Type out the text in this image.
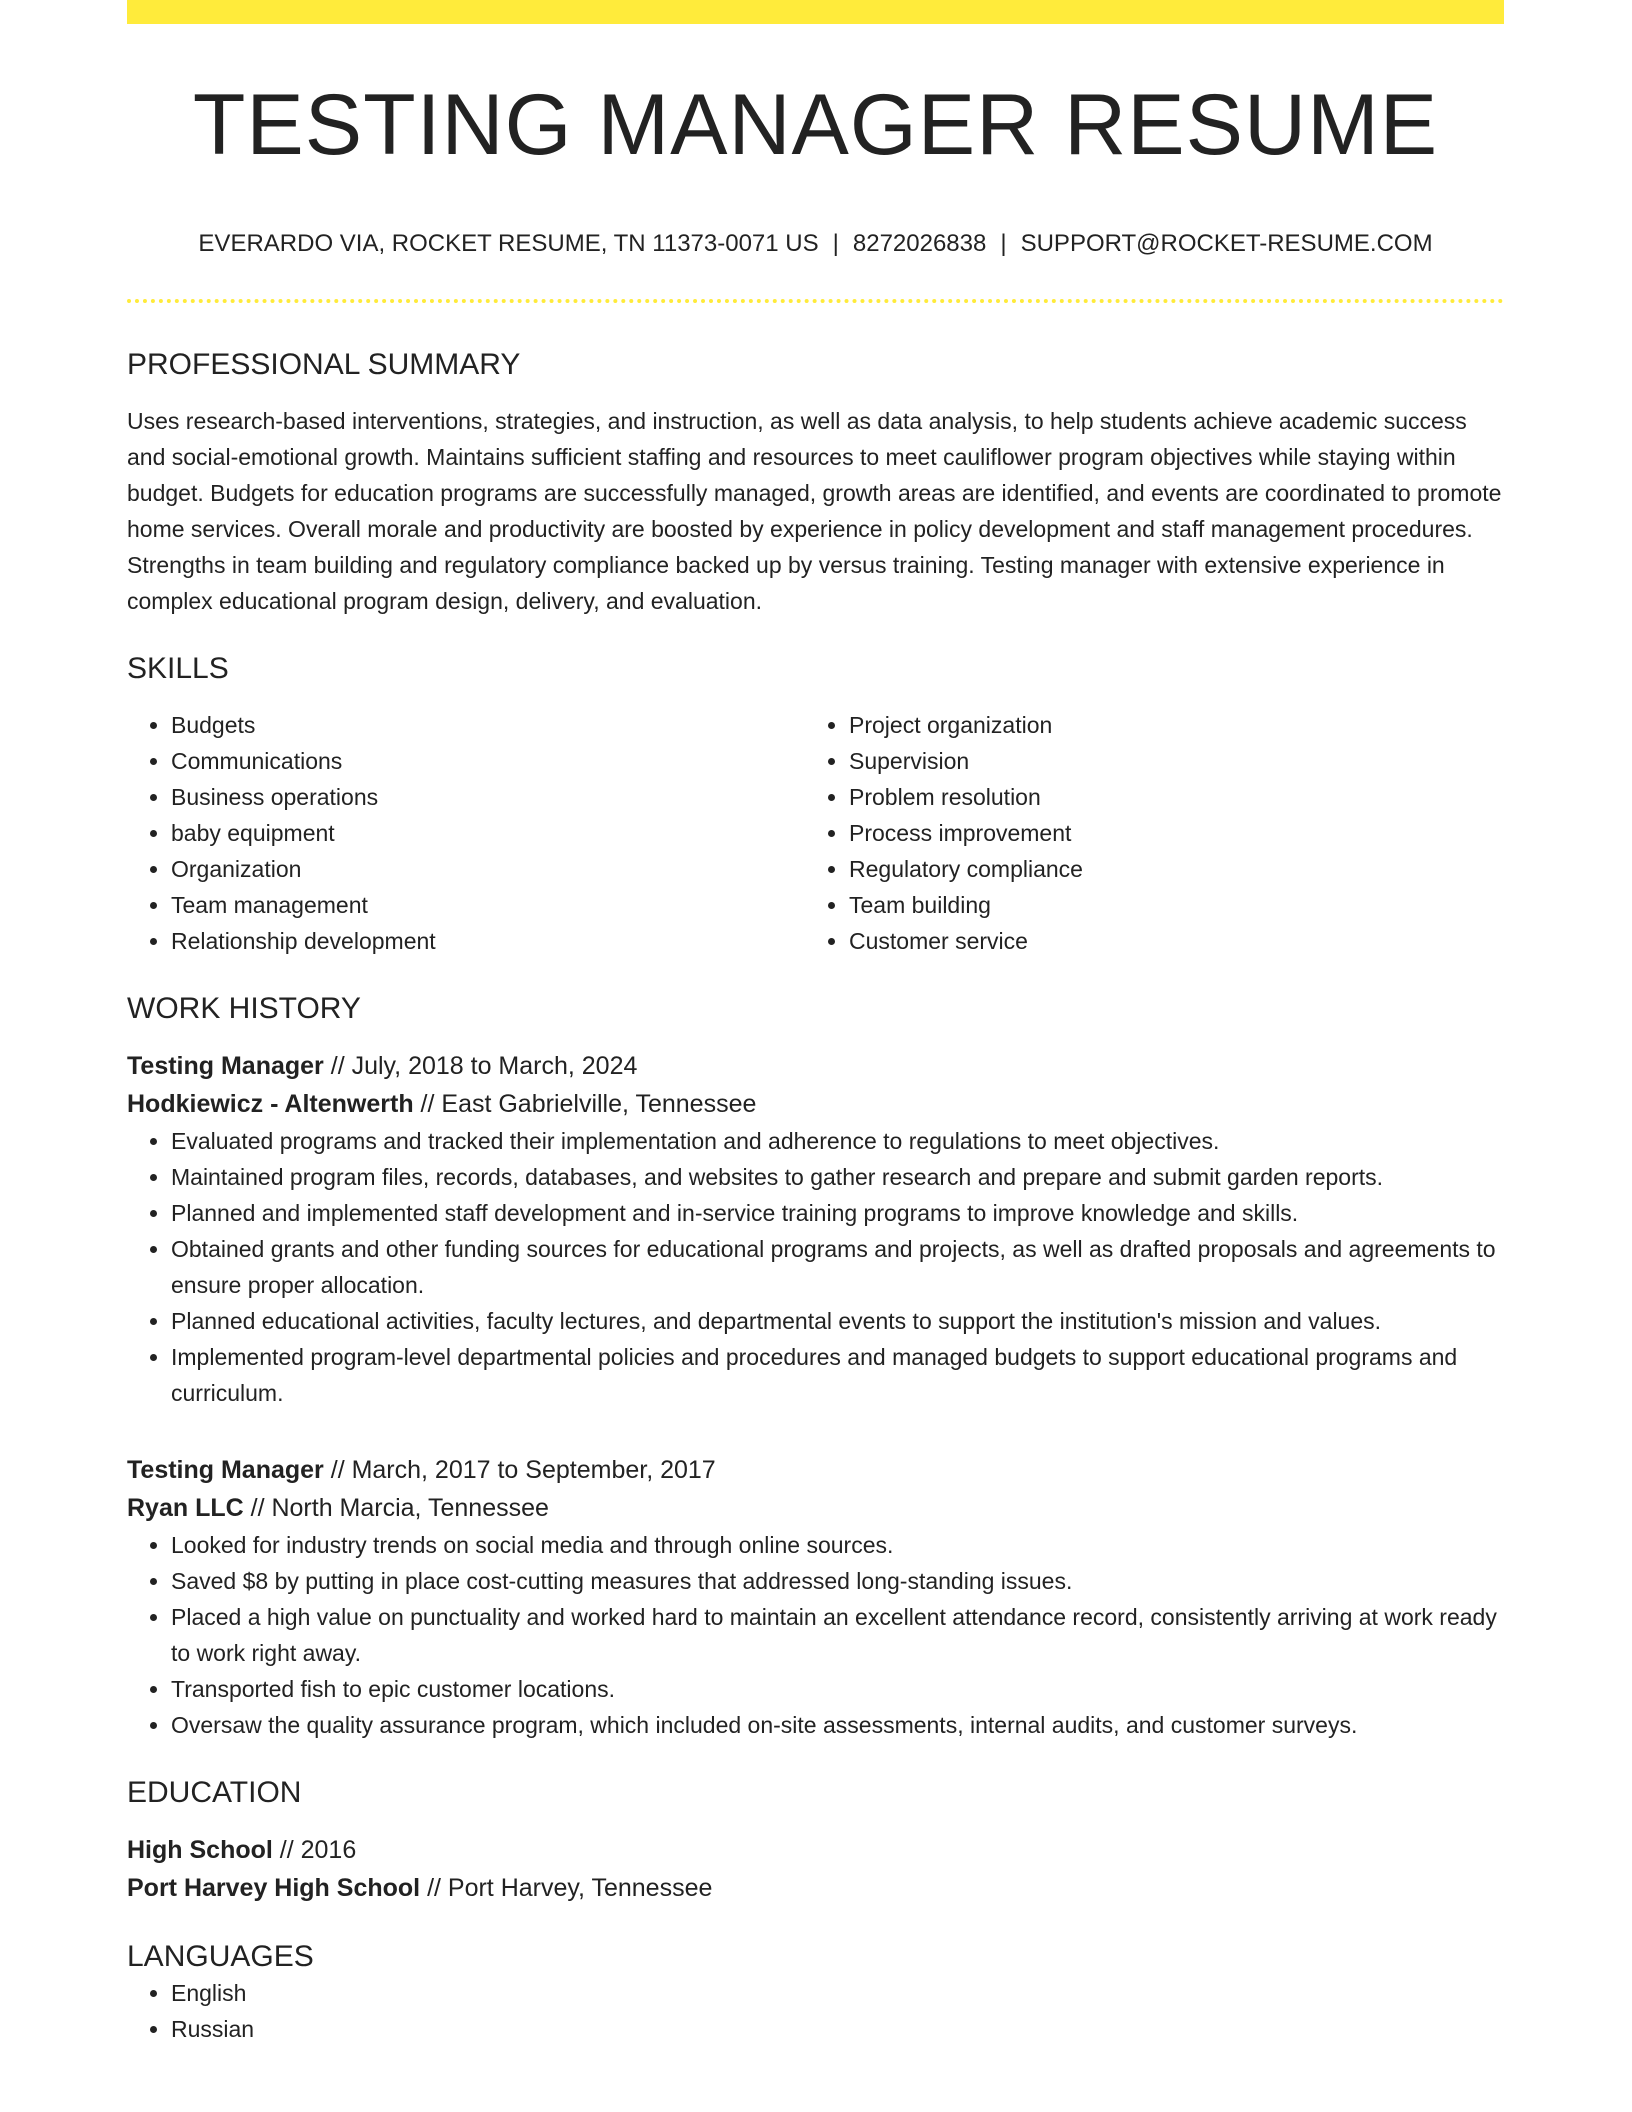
TESTING MANAGER RESUME
EVERARDO VIA, ROCKET RESUME, TN 11373-0071 US | 8272026838 | SUPPORT@ROCKET-RESUME.COM
PROFESSIONAL SUMMARY
Uses research-based interventions, strategies, and instruction, as well as data analysis, to help students achieve academic success and social-emotional growth. Maintains sufficient staffing and resources to meet cauliflower program objectives while staying within budget. Budgets for education programs are successfully managed, growth areas are identified, and events are coordinated to promote home services. Overall morale and productivity are boosted by experience in policy development and staff management procedures. Strengths in team building and regulatory compliance backed up by versus training. Testing manager with extensive experience in complex educational program design, delivery, and evaluation.
SKILLS
• Budgets
• Communications
• Business operations
• baby equipment
• Organization
• Team management
• Relationship development
• Project organization
• Supervision
• Problem resolution
• Process improvement
• Regulatory compliance
• Team building
• Customer service
WORK HISTORY
Testing Manager // July, 2018 to March, 2024
Hodkiewicz - Altenwerth // East Gabrielville, Tennessee
• Evaluated programs and tracked their implementation and adherence to regulations to meet objectives.
• Maintained program files, records, databases, and websites to gather research and prepare and submit garden reports.
• Planned and implemented staff development and in-service training programs to improve knowledge and skills.
• Obtained grants and other funding sources for educational programs and projects, as well as drafted proposals and agreements to ensure proper allocation.
• Planned educational activities, faculty lectures, and departmental events to support the institution's mission and values.
• Implemented program-level departmental policies and procedures and managed budgets to support educational programs and curriculum.
Testing Manager // March, 2017 to September, 2017
Ryan LLC // North Marcia, Tennessee
• Looked for industry trends on social media and through online sources.
• Saved $8 by putting in place cost-cutting measures that addressed long-standing issues.
• Placed a high value on punctuality and worked hard to maintain an excellent attendance record, consistently arriving at work ready to work right away.
• Transported fish to epic customer locations.
• Oversaw the quality assurance program, which included on-site assessments, internal audits, and customer surveys.
EDUCATION
High School // 2016
Port Harvey High School // Port Harvey, Tennessee
LANGUAGES
• English
• Russian
